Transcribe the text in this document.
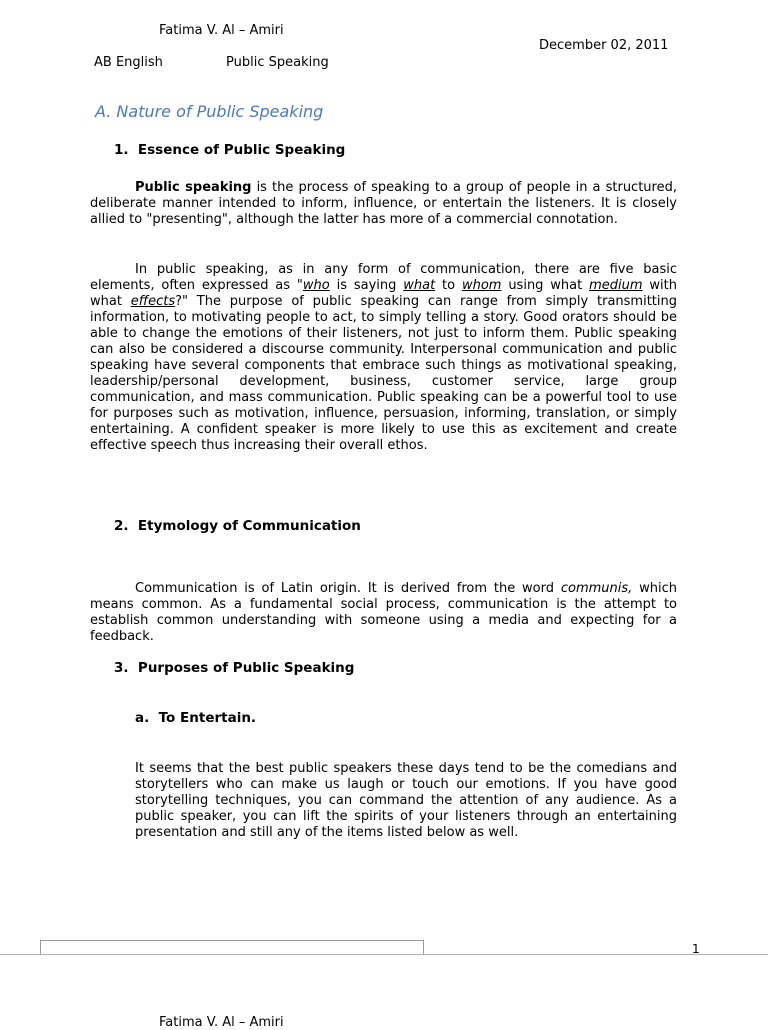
Fatima V. Al – Amiri
December 02, 2011
AB English	Public Speaking
A. Nature of Public Speaking
1.  Essence of Public Speaking

Public speaking is the process of speaking to a group of people in a structured, deliberate manner intended to inform, influence, or entertain the listeners. It is closely allied to "presenting", although the latter has more of a commercial connotation.

In public speaking, as in any form of communication, there are five basic elements, often expressed as "who is saying what to whom using what medium with what effects?" The purpose of public speaking can range from simply transmitting information, to motivating people to act, to simply telling a story. Good orators should be able to change the emotions of their listeners, not just to inform them. Public speaking can also be considered a discourse community. Interpersonal communication and public speaking have several components that embrace such things as motivational speaking, leadership/personal development, business, customer service, large group communication, and mass communication. Public speaking can be a powerful tool to use for purposes such as motivation, influence, persuasion, informing, translation, or simply entertaining. A confident speaker is more likely to use this as excitement and create effective speech thus increasing their overall ethos.

2.  Etymology of Communication

Communication is of Latin origin. It is derived from the word communis, which means common. As a fundamental social process, communication is the attempt to establish common understanding with someone using a media and expecting for a feedback.

3.  Purposes of Public Speaking
a.  To Entertain.

It seems that the best public speakers these days tend to be the comedians and storytellers who can make us laugh or touch our emotions. If you have good storytelling techniques, you can command the attention of any audience. As a public speaker, you can lift the spirits of your listeners through an entertaining presentation and still any of the items listed below as well.

1
Fatima V. Al – Amiri
